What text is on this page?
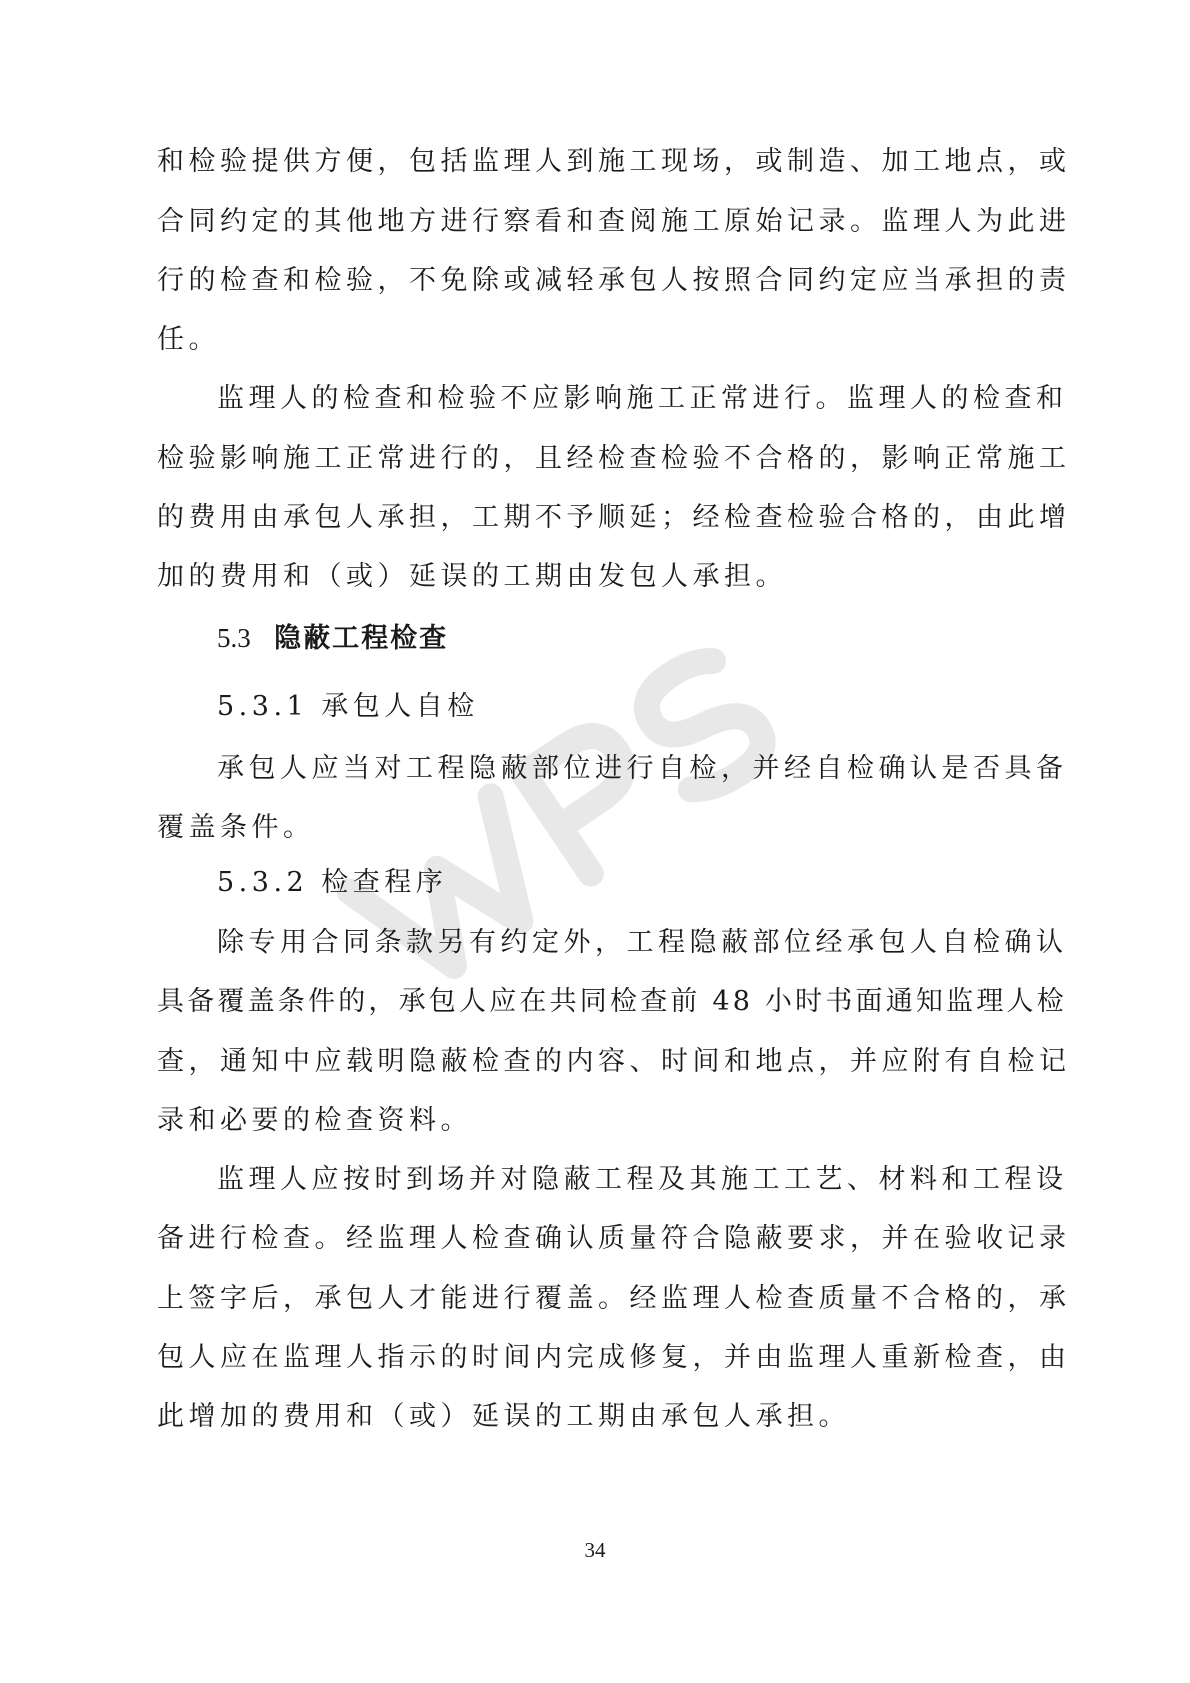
和检验提供方便，包括监理人到施工现场，或制造、加工地点，或
合同约定的其他地方进行察看和查阅施工原始记录。监理人为此进
行的检查和检验，不免除或减轻承包人按照合同约定应当承担的责
任。
监理人的检查和检验不应影响施工正常进行。监理人的检查和
检验影响施工正常进行的，且经检查检验不合格的，影响正常施工
的费用由承包人承担，工期不予顺延；经检查检验合格的，由此增
加的费用和（或）延误的工期由发包人承担。
5.3 隐蔽工程检查
5.3.1 承包人自检
承包人应当对工程隐蔽部位进行自检，并经自检确认是否具备
覆盖条件。
5.3.2 检查程序
除专用合同条款另有约定外，工程隐蔽部位经承包人自检确认
具备覆盖条件的，承包人应在共同检查前 48 小时书面通知监理人检
查，通知中应载明隐蔽检查的内容、时间和地点，并应附有自检记
录和必要的检查资料。
监理人应按时到场并对隐蔽工程及其施工工艺、材料和工程设
备进行检查。经监理人检查确认质量符合隐蔽要求，并在验收记录
上签字后，承包人才能进行覆盖。经监理人检查质量不合格的，承
包人应在监理人指示的时间内完成修复，并由监理人重新检查，由
此增加的费用和（或）延误的工期由承包人承担。
34
